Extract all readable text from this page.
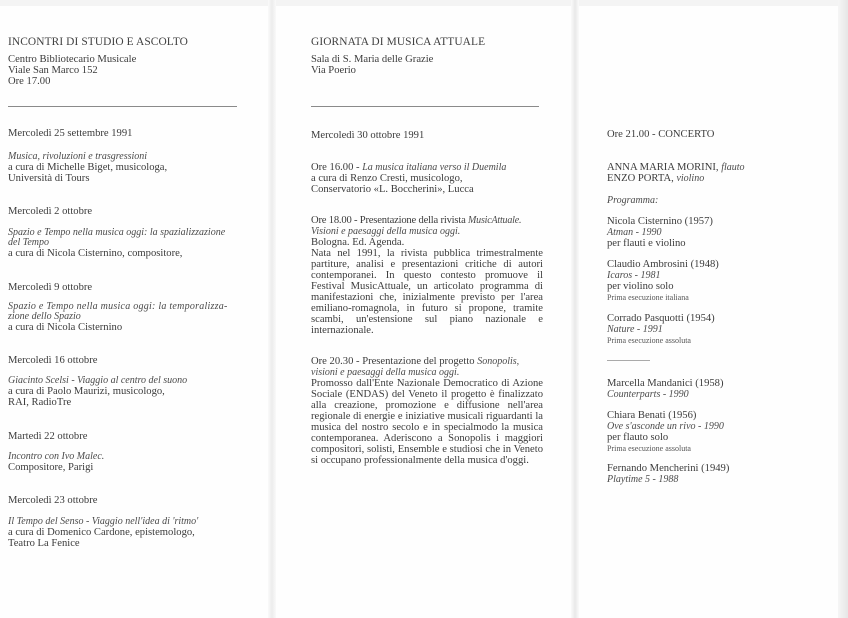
INCONTRI DI STUDIO E ASCOLTO
Centro Bibliotecario Musicale
Viale San Marco 152
Ore 17.00
Mercoledì 25 settembre 1991
Musica, rivoluzioni e trasgressioni
a cura di Michelle Biget, musicologa,
Università di Tours
Mercoledì 2 ottobre
Spazio e Tempo nella musica oggi: la spazializzazione
del Tempo
a cura di Nicola Cisternino, compositore,
Mercoledì 9 ottobre
Spazio e Tempo nella musica oggi: la temporalizza-
zione dello Spazio
a cura di Nicola Cisternino
Mercoledì 16 ottobre
Giacinto Scelsi - Viaggio al centro del suono
a cura di Paolo Maurizi, musicologo,
RAI, RadioTre
Martedì 22 ottobre
Incontro con Ivo Malec.
Compositore, Parigi
Mercoledì 23 ottobre
Il Tempo del Senso - Viaggio nell'idea di 'ritmo'
a cura di Domenico Cardone, epistemologo,
Teatro La Fenice
GIORNATA DI MUSICA ATTUALE
Sala di S. Maria delle Grazie
Via Poerio
Mercoledì 30 ottobre 1991
Ore 16.00 - La musica italiana verso il Duemila
a cura di Renzo Cresti, musicologo,
Conservatorio «L. Boccherini», Lucca
Ore 18.00 - Presentazione della rivista MusicAttuale.
Visioni e paesaggi della musica oggi.
Bologna. Ed. Agenda.
Nata nel 1991, la rivista pubblica trimestralmente partiture, analisi e presentazioni critiche di autori contemporanei. In questo contesto promuove il Festival MusicAttuale, un articolato programma di manifestazioni che, inizialmente previsto per l'area emiliano-romagnola, in futuro si propone, tramite scambi, un'estensione sul piano nazionale e internazionale.
Ore 20.30 - Presentazione del progetto Sonopolis,
visioni e paesaggi della musica oggi.
Promosso dall'Ente Nazionale Democratico di Azione Sociale (ENDAS) del Veneto il progetto è finalizzato alla creazione, promozione e diffusione nell'area regionale di energie e iniziative musicali riguardanti la musica del nostro secolo e in specialmodo la musica contemporanea. Aderiscono a Sonopolis i maggiori compositori, solisti, Ensemble e studiosi che in Veneto si occupano professionalmente della musica d'oggi.
Ore 21.00 - CONCERTO
ANNA MARIA MORINI, flauto
ENZO PORTA, violino
Programma:
Nicola Cisternino (1957)
Atman - 1990
per flauti e violino
Claudio Ambrosini (1948)
Icaros - 1981
per violino solo
Prima esecuzione italiana
Corrado Pasquotti (1954)
Nature - 1991
Prima esecuzione assoluta
Marcella Mandanici (1958)
Counterparts - 1990
Chiara Benati (1956)
Ove s'asconde un rivo - 1990
per flauto solo
Prima esecuzione assoluta
Fernando Mencherini (1949)
Playtime 5 - 1988
